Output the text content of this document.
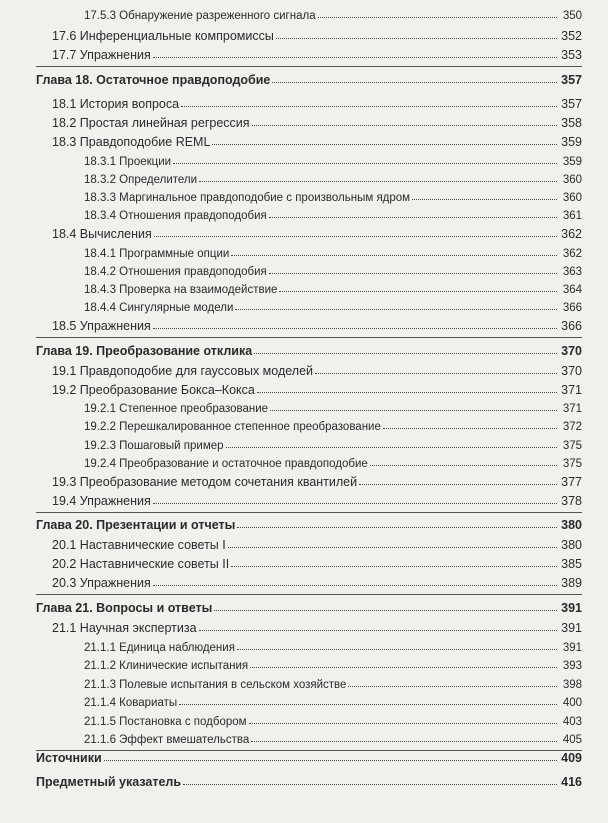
17.5.3 Обнаружение разреженного сигнала	350
17.6 Инференциальные компромиссы	352
17.7 Упражнения	353
Глава 18. Остаточное правдоподобие	357
18.1 История вопроса	357
18.2 Простая линейная регрессия	358
18.3 Правдоподобие REML	359
18.3.1 Проекции	359
18.3.2 Определители	360
18.3.3 Маргинальное правдоподобие с произвольным ядром	360
18.3.4 Отношения правдоподобия	361
18.4 Вычисления	362
18.4.1 Программные опции	362
18.4.2 Отношения правдоподобия	363
18.4.3 Проверка на взаимодействие	364
18.4.4 Сингулярные модели	366
18.5 Упражнения	366
Глава 19. Преобразование отклика	370
19.1 Правдоподобие для гауссовых моделей	370
19.2 Преобразование Бокса–Кокса	371
19.2.1 Степенное преобразование	371
19.2.2 Перешкалированное степенное преобразование	372
19.2.3 Пошаговый пример	375
19.2.4 Преобразование и остаточное правдоподобие	375
19.3 Преобразование методом сочетания квантилей	377
19.4 Упражнения	378
Глава 20. Презентации и отчеты	380
20.1 Наставнические советы I	380
20.2 Наставнические советы II	385
20.3 Упражнения	389
Глава 21. Вопросы и ответы	391
21.1 Научная экспертиза	391
21.1.1 Единица наблюдения	391
21.1.2 Клинические испытания	393
21.1.3 Полевые испытания в сельском хозяйстве	398
21.1.4 Ковариаты	400
21.1.5 Постановка с подбором	403
21.1.6 Эффект вмешательства	405
Источники	409
Предметный указатель	416
